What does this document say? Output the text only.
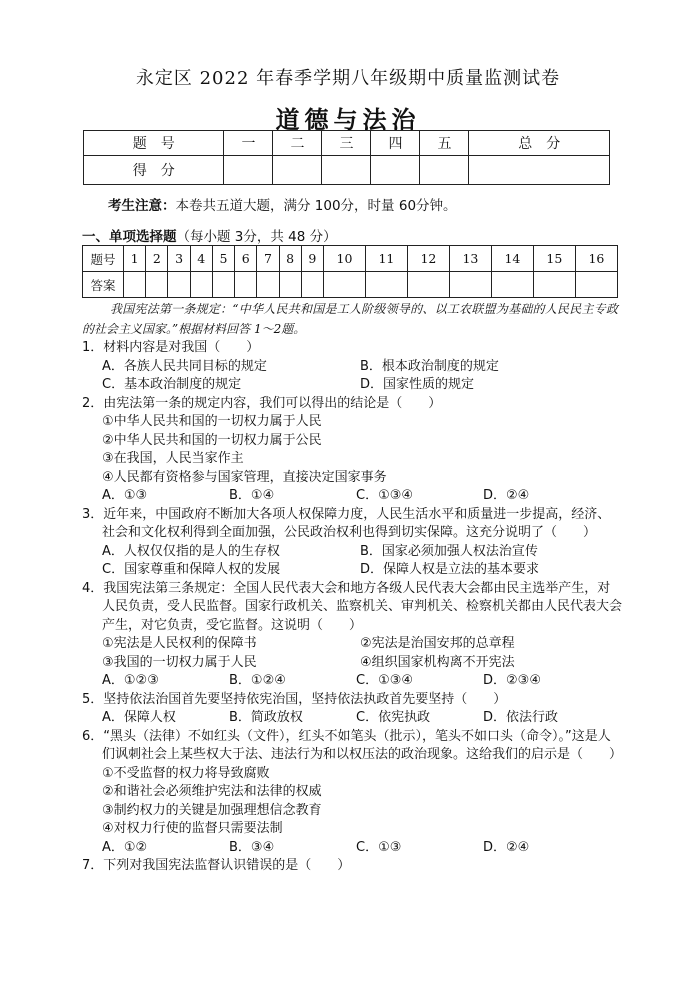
永定区 2022 年春季学期八年级期中质量监测试卷
道德与法治
题　号	一	二	三	四	五	总　分
得　分						
考生注意：本卷共五道大题，满分 100分，时量 60分钟。
一、单项选择题（每小题 3分，共 48 分）
题号	1	2	3	4	5	6	7	8	9	10	11	12	13	14	15	16
答案																
我国宪法第一条规定：“中华人民共和国是工人阶级领导的、以工农联盟为基础的人民民主专政的社会主义国家。”根据材料回答 1～2题。
1．材料内容是对我国（　　）
A．各族人民共同目标的规定	B．根本政治制度的规定
C．基本政治制度的规定	D．国家性质的规定
2．由宪法第一条的规定内容，我们可以得出的结论是（　　）
①中华人民共和国的一切权力属于人民
②中华人民共和国的一切权力属于公民
③在我国，人民当家作主
④人民都有资格参与国家管理，直接决定国家事务
A．①③	B．①④	C．①③④	D．②④
3．近年来，中国政府不断加大各项人权保障力度，人民生活水平和质量进一步提高，经济、社会和文化权利得到全面加强，公民政治权利也得到切实保障。这充分说明了（　　）
A．人权仅仅指的是人的生存权	B．国家必须加强人权法治宣传
C．国家尊重和保障人权的发展	D．保障人权是立法的基本要求
4．我国宪法第三条规定：全国人民代表大会和地方各级人民代表大会都由民主选举产生，对人民负责，受人民监督。国家行政机关、监察机关、审判机关、检察机关都由人民代表大会产生，对它负责，受它监督。这说明（　　）
①宪法是人民权利的保障书	②宪法是治国安邦的总章程
③我国的一切权力属于人民	④组织国家机构离不开宪法
A．①②③	B．①②④	C．①③④	D．②③④
5．坚持依法治国首先要坚持依宪治国，坚持依法执政首先要坚持（　　）
A．保障人权	B．简政放权	C．依宪执政	D．依法行政
6．“黑头（法律）不如红头（文件），红头不如笔头（批示），笔头不如口头（命令）。”这是人们讽刺社会上某些权大于法、违法行为和以权压法的政治现象。这给我们的启示是（　　）
①不受监督的权力将导致腐败
②和谐社会必须维护宪法和法律的权威
③制约权力的关键是加强理想信念教育
④对权力行使的监督只需要法制
A．①②	B．③④	C．①③	D．②④
7．下列对我国宪法监督认识错误的是（　　）
